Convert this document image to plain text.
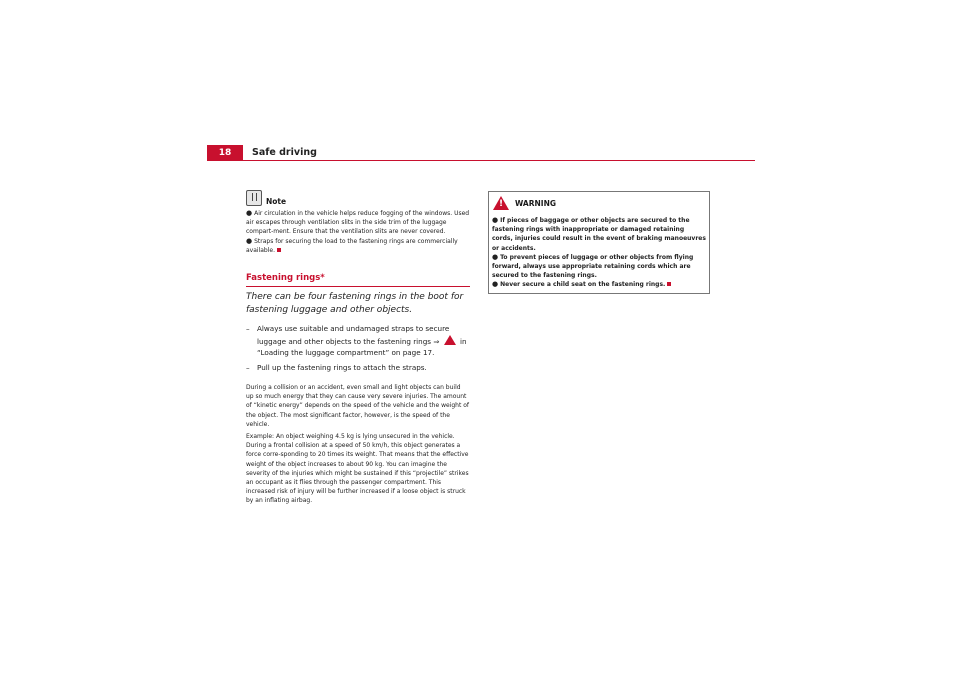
18	Safe driving
Note
● Air circulation in the vehicle helps reduce fogging of the windows. Used air escapes through ventilation slits in the side trim of the luggage compart-ment. Ensure that the ventilation slits are never covered.
● Straps for securing the load to the fastening rings are commercially available.
Fastening rings*
There can be four fastening rings in the boot for fastening luggage and other objects.
–	Always use suitable and undamaged straps to secure luggage and other objects to the fastening rings ⇒	in “Loading the luggage compartment” on page 17.
–	Pull up the fastening rings to attach the straps.

During a collision or an accident, even small and light objects can build up so much energy that they can cause very severe injuries. The amount of “kinetic energy” depends on the speed of the vehicle and the weight of the object. The most significant factor, however, is the speed of the vehicle.

Example: An object weighing 4.5 kg is lying unsecured in the vehicle. During a frontal collision at a speed of 50 km/h, this object generates a force corre-sponding to 20 times its weight. That means that the effective weight of the object increases to about 90 kg. You can imagine the severity of the injuries which might be sustained if this “projectile” strikes an occupant as it flies through the passenger compartment. This increased risk of injury will be further increased if a loose object is struck by an inflating airbag.

!
WARNING
● If pieces of baggage or other objects are secured to the fastening rings with inappropriate or damaged retaining cords, injuries could result in the event of braking manoeuvres or accidents.
● To prevent pieces of luggage or other objects from flying forward, always use appropriate retaining cords which are secured to the fastening rings.
● Never secure a child seat on the fastening rings.
